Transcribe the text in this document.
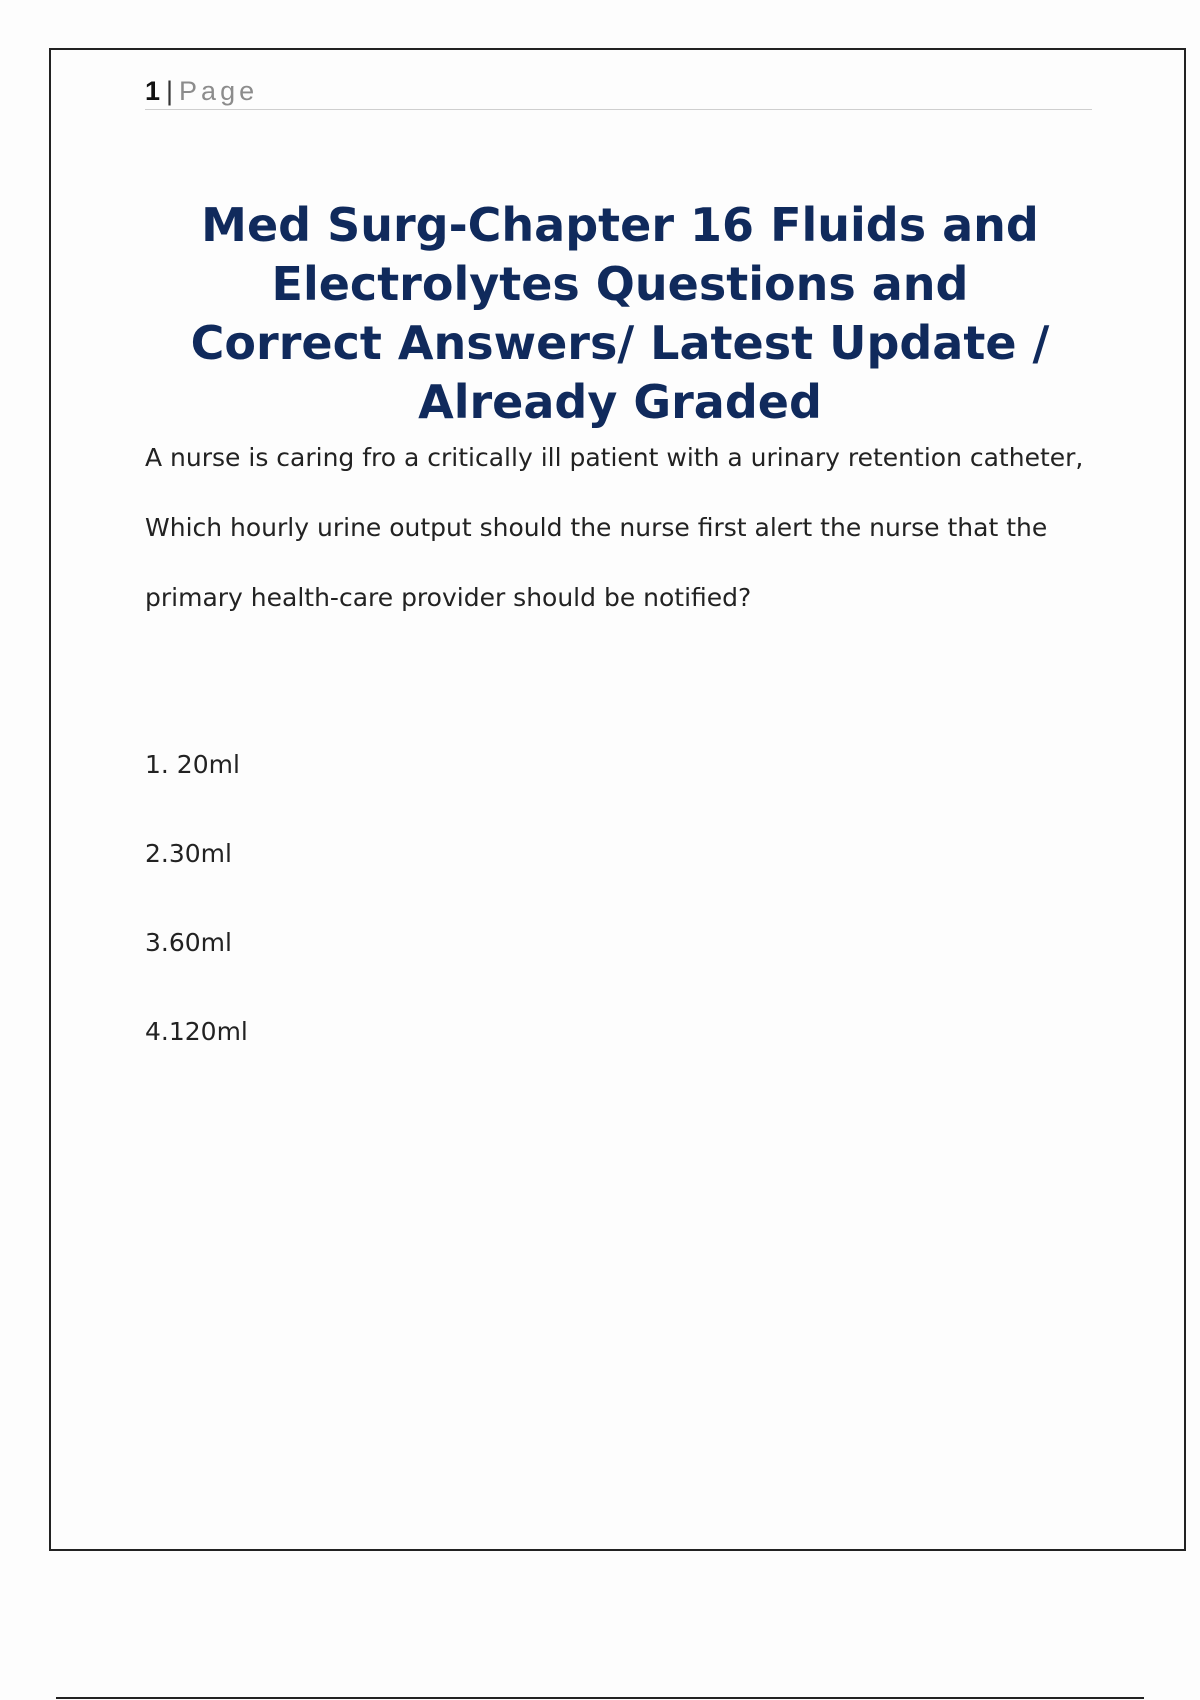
1 | Page
Med Surg-Chapter 16 Fluids and Electrolytes Questions and Correct Answers/ Latest Update / Already Graded

A nurse is caring fro a critically ill patient with a urinary retention catheter, Which hourly urine output should the nurse first alert the nurse that the primary health-care provider should be notified?

1. 20ml
2.30ml
3.60ml
4.120ml
